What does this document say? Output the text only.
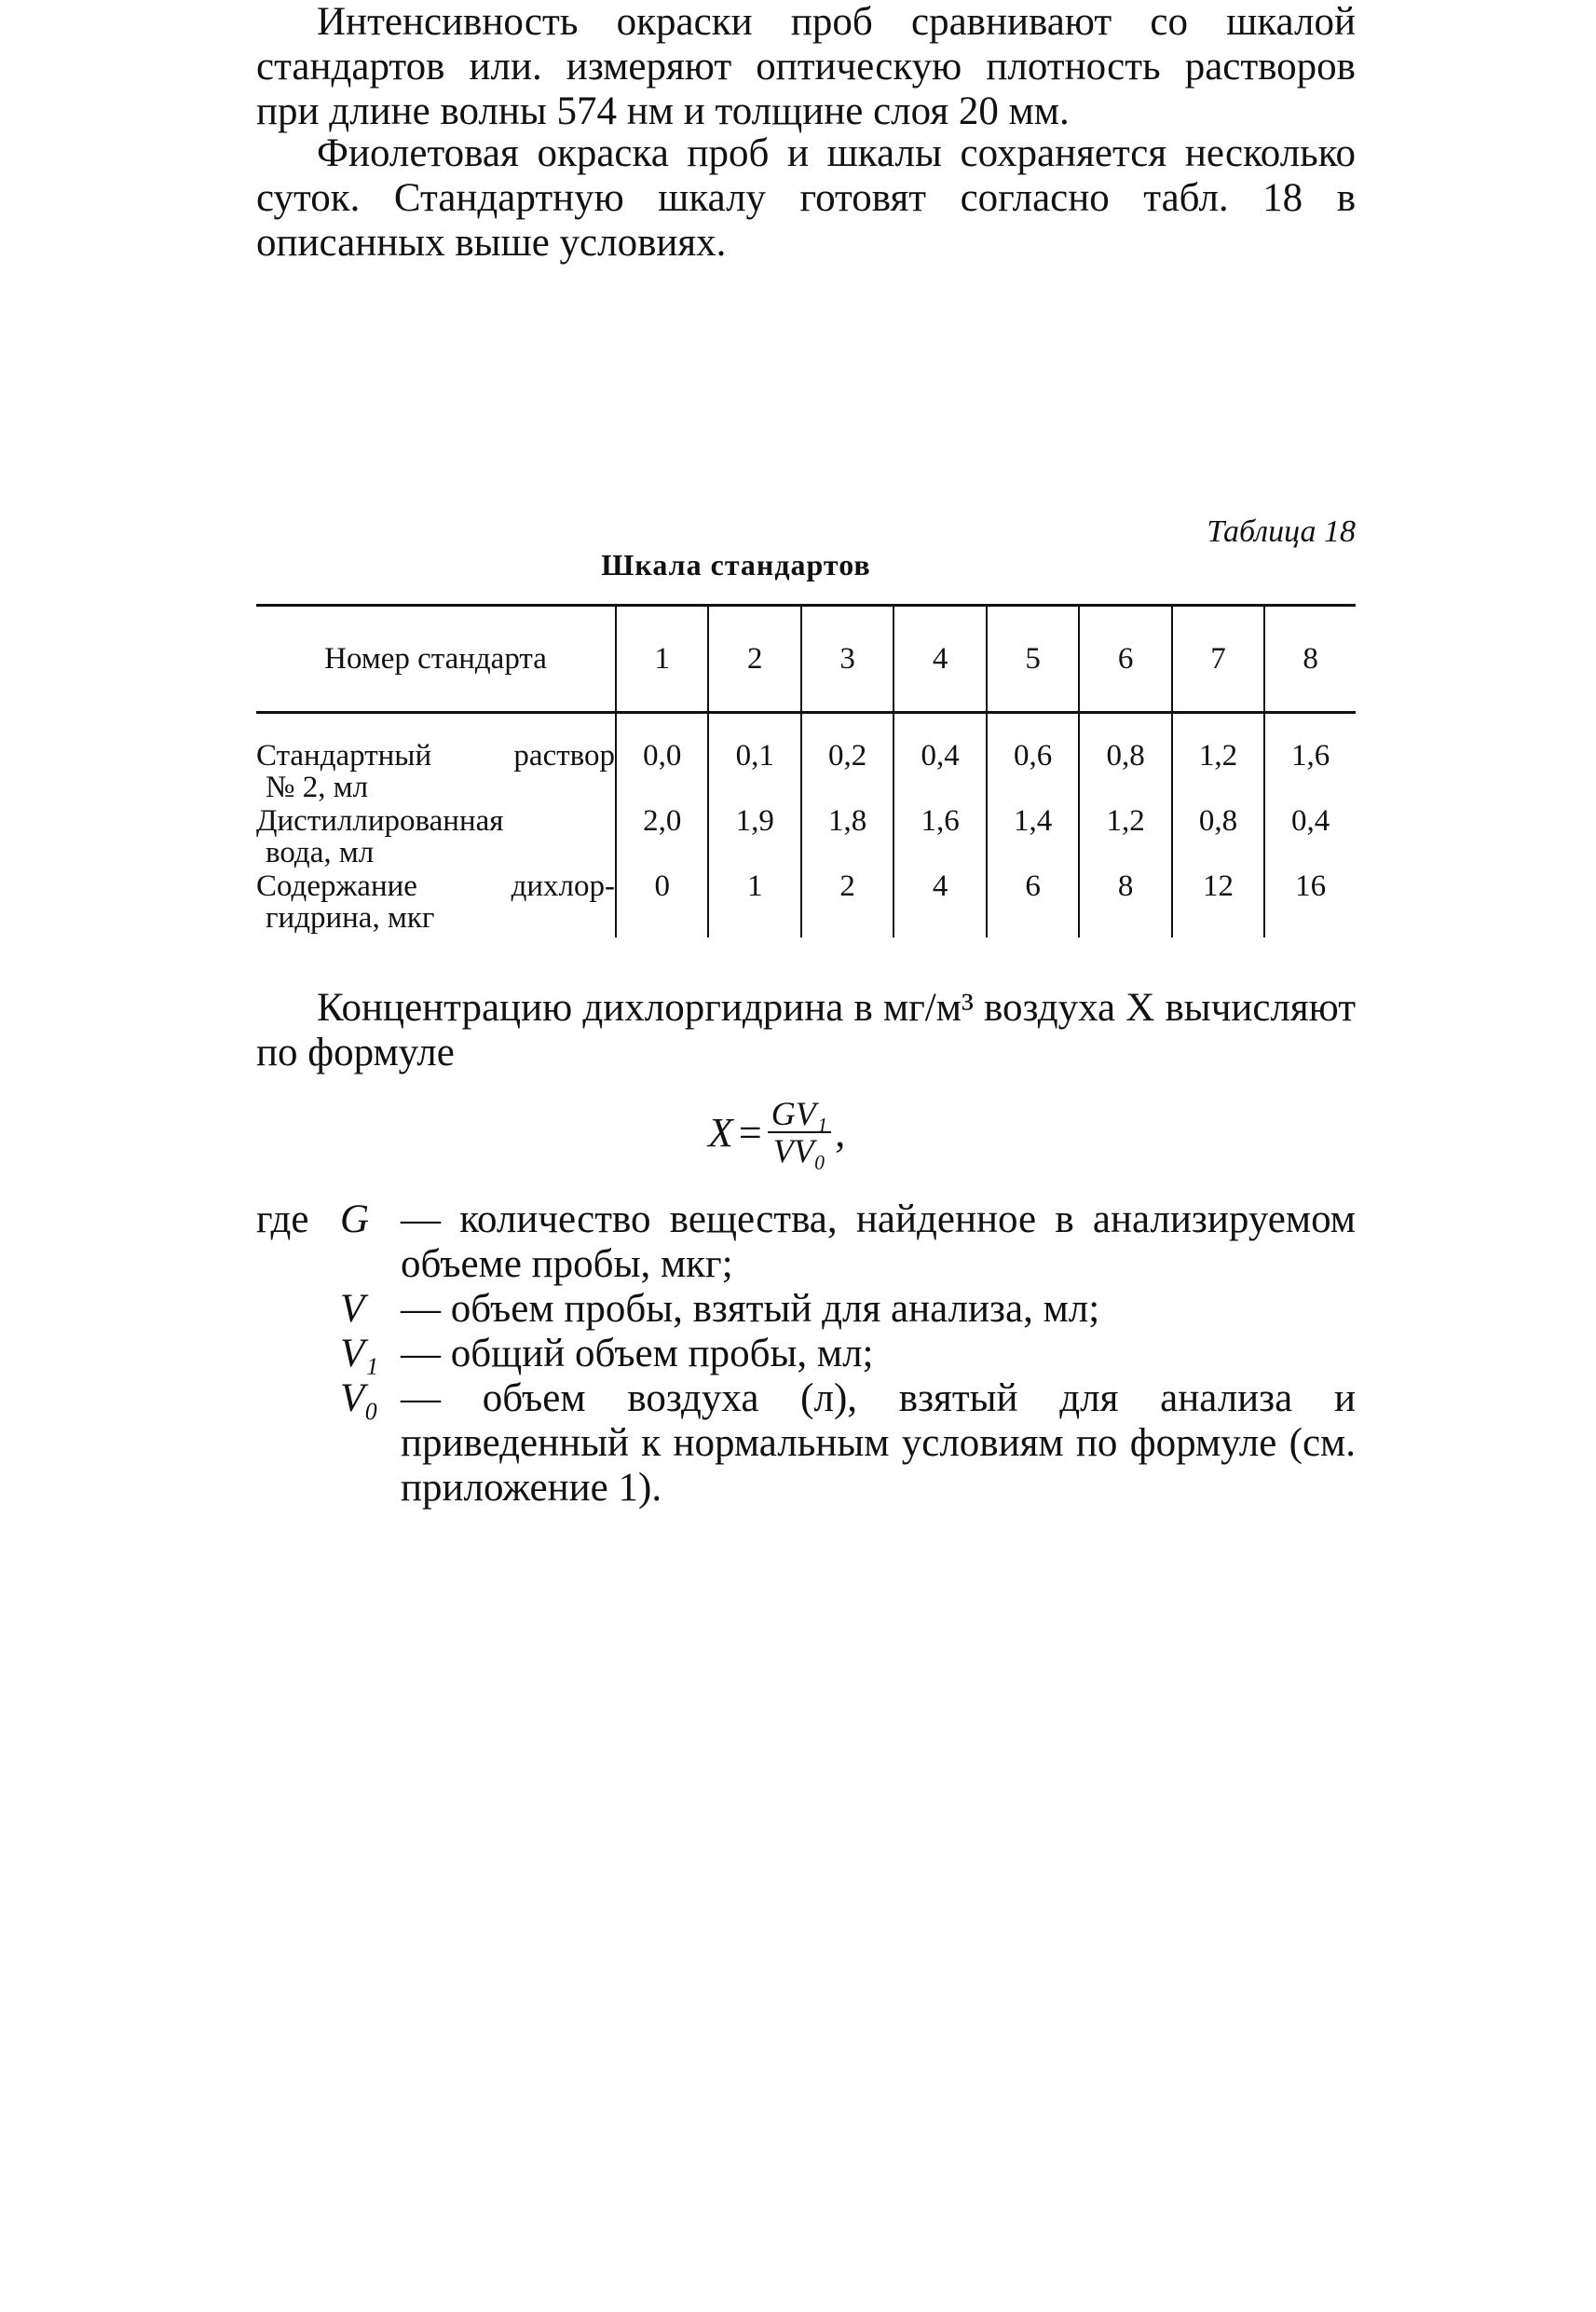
Интенсивность окраски проб сравнивают со шкалой стандартов или. измеряют оптическую плотность растворов при длине волны 574 нм и толщине слоя 20 мм.

Фиолетовая окраска проб и шкалы сохраняется несколько суток. Стандартную шкалу готовят согласно табл. 18 в описанных выше условиях.

Таблица 18
Шкала стандартов
Номер стандарта	1	2	3	4	5	6	7	8

Стандартный раствор
№ 2, мл	0,0	0,1	0,2	0,4	0,6	0,8	1,2	1,6

Дистиллированная
вода, мл	2,0	1,9	1,8	1,6	1,4	1,2	0,8	0,4

Содержание дихлор-
гидрина, мкг	0	1	2	4	6	8	12	16

Концентрацию дихлоргидрина в мг/м³ воздуха X вычисляют по формуле

$X = \frac{\text{GV₁}}{\text{VV₀}}$ ,
где G — количество вещества, найденное в анализируемом объеме пробы, мкг;
V — объем пробы, взятый для анализа, мл;
V₁ — общий объем пробы, мл;
V₀ — объем воздуха (л), взятый для анализа и приведенный к нормальным условиям по формуле (см. приложение 1).
